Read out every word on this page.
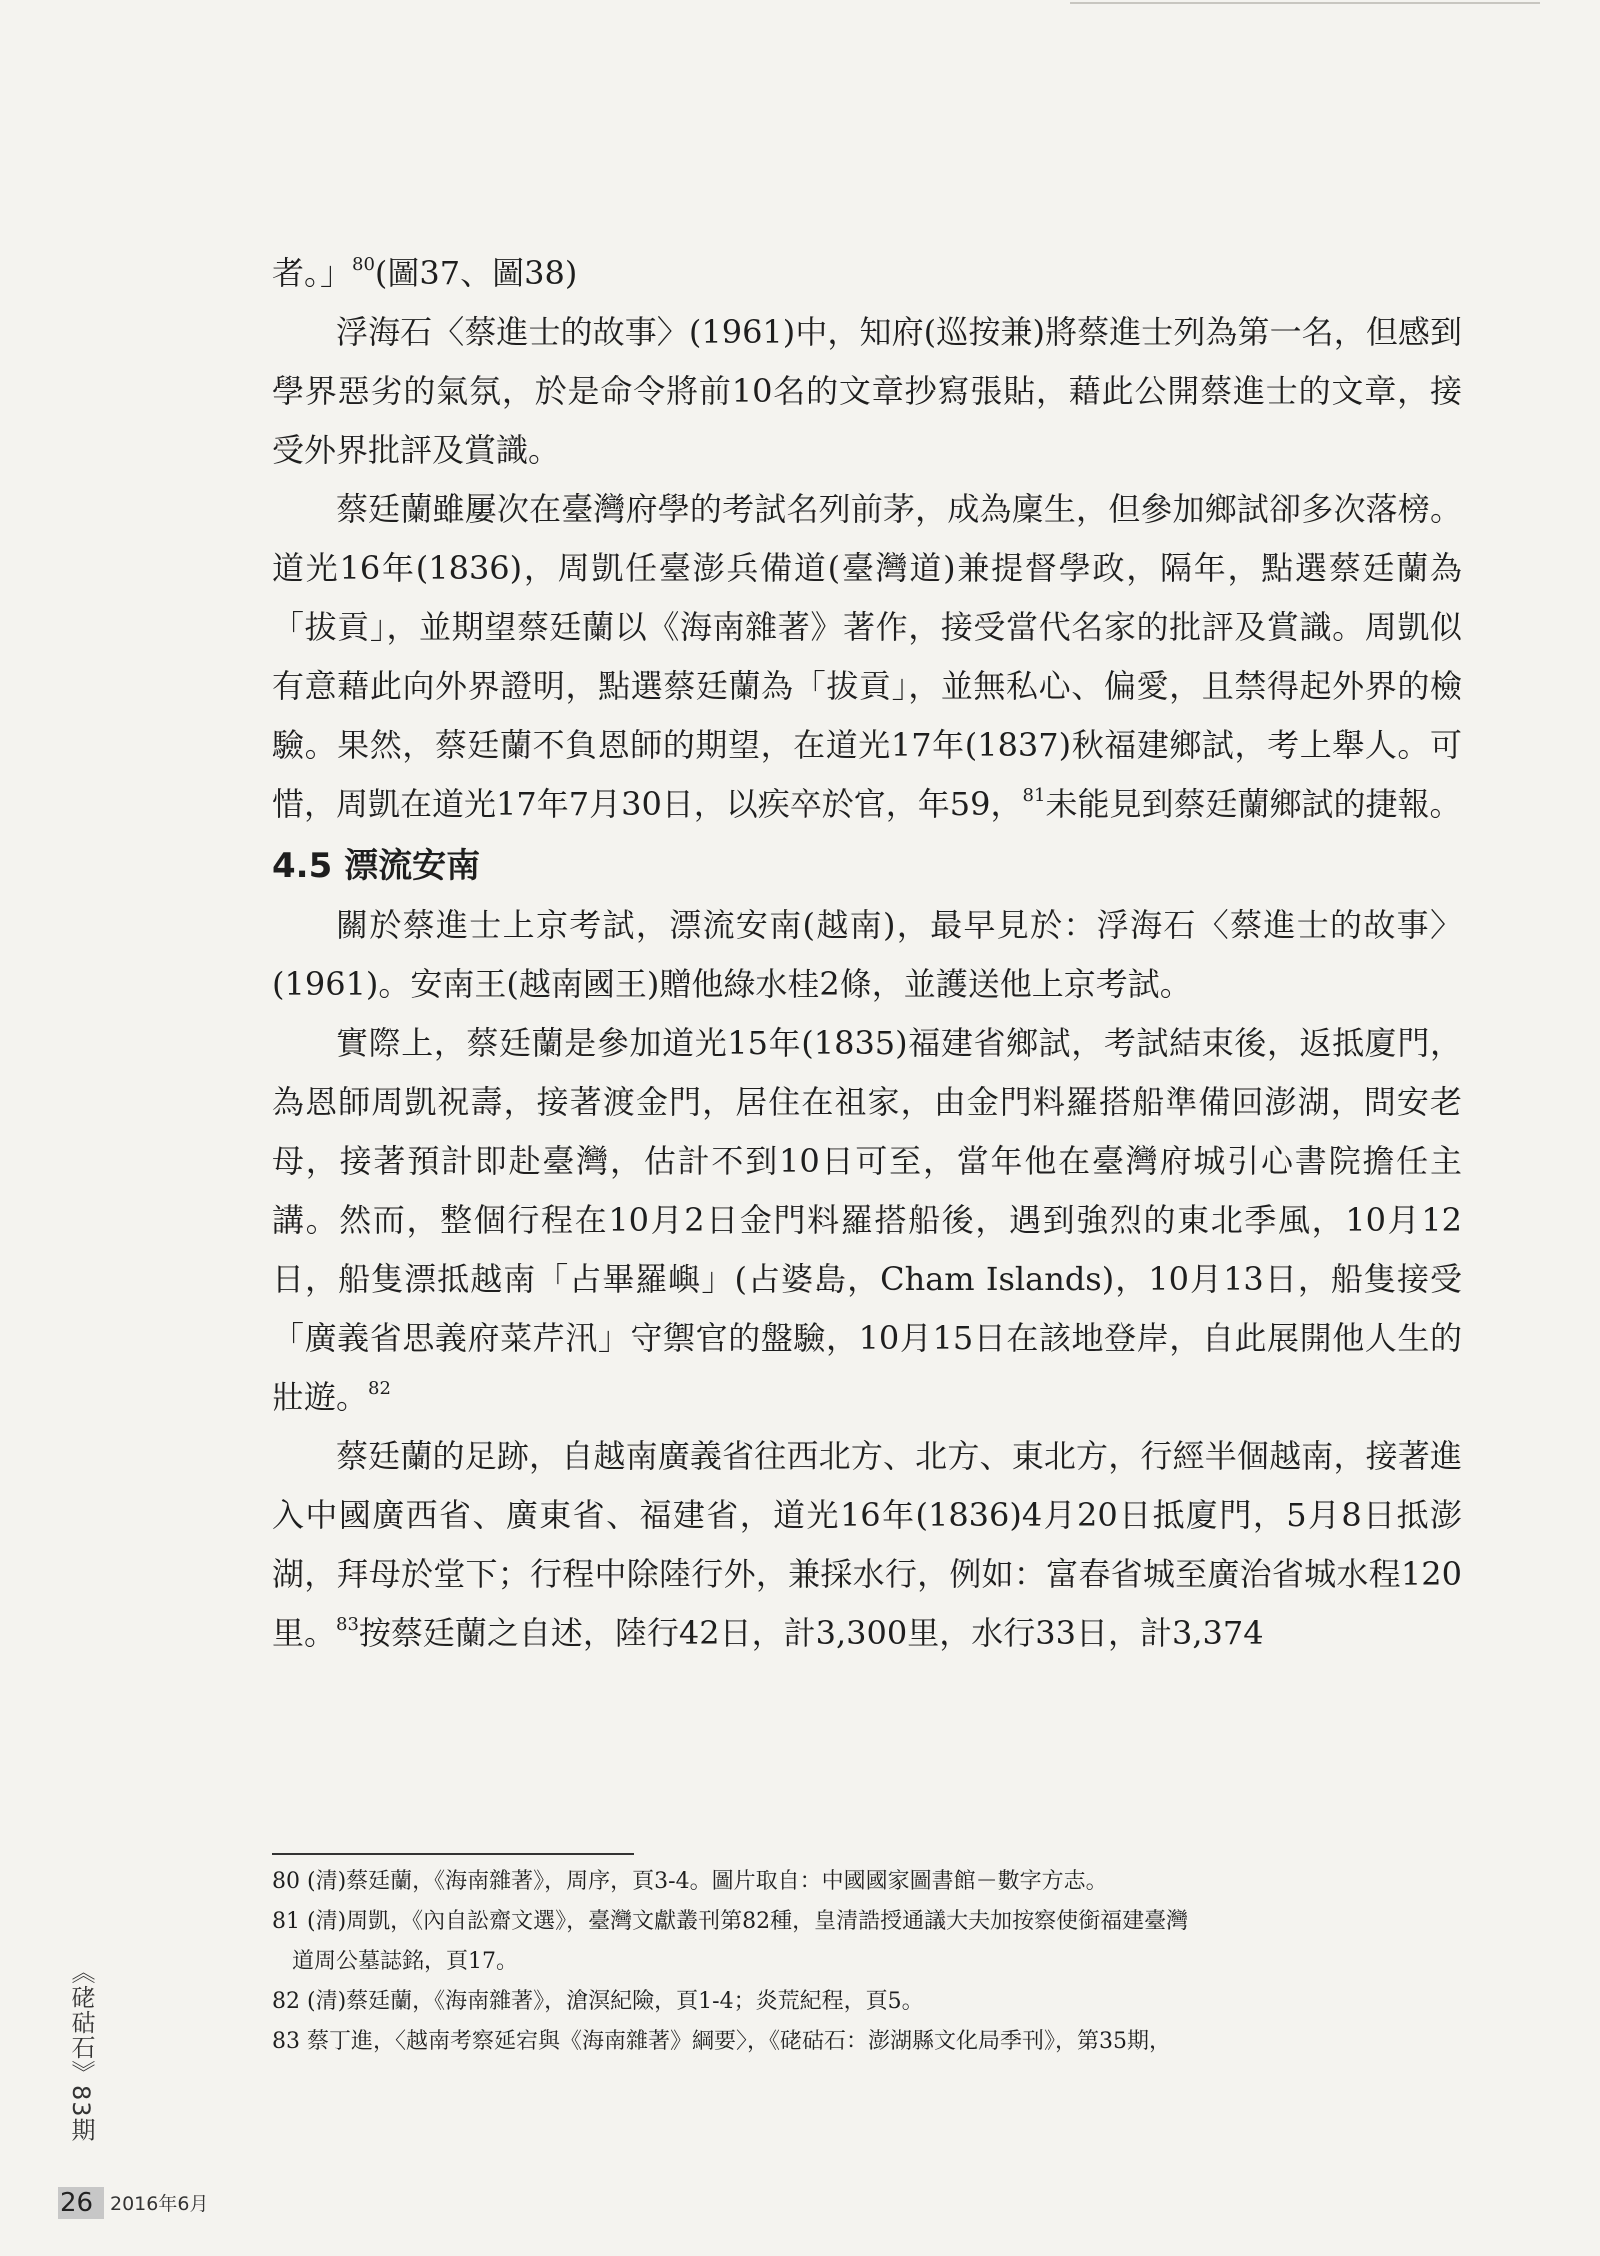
者。」$^{80}$(圖37、圖38)

浮海石〈蔡進士的故事〉(1961)中，知府(巡按兼)將蔡進士列為第一名，但感到學界惡劣的氣氛，於是命令將前10名的文章抄寫張貼，藉此公開蔡進士的文章，接受外界批評及賞識。

蔡廷蘭雖屢次在臺灣府學的考試名列前茅，成為廩生，但參加鄉試卻多次落榜。道光16年(1836)，周凱任臺澎兵備道(臺灣道)兼提督學政，隔年，點選蔡廷蘭為「拔貢」，並期望蔡廷蘭以《海南雜著》著作，接受當代名家的批評及賞識。周凱似有意藉此向外界證明，點選蔡廷蘭為「拔貢」，並無私心、偏愛，且禁得起外界的檢驗。果然，蔡廷蘭不負恩師的期望，在道光17年(1837)秋福建鄉試，考上舉人。可惜，周凱在道光17年7月30日，以疾卒於官，年59，$^{81}$未能見到蔡廷蘭鄉試的捷報。

4.5 漂流安南

關於蔡進士上京考試，漂流安南(越南)，最早見於：浮海石〈蔡進士的故事〉(1961)。安南王(越南國王)贈他綠水桂2條，並護送他上京考試。

實際上，蔡廷蘭是參加道光15年(1835)福建省鄉試，考試結束後，返抵廈門，為恩師周凱祝壽，接著渡金門，居住在祖家，由金門料羅搭船準備回澎湖，問安老母，接著預計即赴臺灣，估計不到10日可至，當年他在臺灣府城引心書院擔任主講。然而，整個行程在10月2日金門料羅搭船後，遇到強烈的東北季風，10月12日，船隻漂抵越南「占畢羅嶼」(占婆島，Cham Islands)，10月13日，船隻接受「廣義省思義府菜芹汛」守禦官的盤驗，10月15日在該地登岸，自此展開他人生的壯遊。$^{82}$

蔡廷蘭的足跡，自越南廣義省往西北方、北方、東北方，行經半個越南，接著進入中國廣西省、廣東省、福建省，道光16年(1836)4月20日抵廈門，5月8日抵澎湖，拜母於堂下；行程中除陸行外，兼採水行，例如：富春省城至廣治省城水程120里。$^{83}$按蔡廷蘭之自述，陸行42日，計3,300里，水行33日，計3,374

80 (清)蔡廷蘭，《海南雜著》，周序，頁3-4。圖片取自：中國國家圖書館－數字方志。

81 (清)周凱，《內自訟齋文選》，臺灣文獻叢刊第82種，皇清誥授通議大夫加按察使銜福建臺灣

道周公墓誌銘，頁17。

82 (清)蔡廷蘭，《海南雜著》，滄溟紀險，頁1-4；炎荒紀程，頁5。

83 蔡丁進，〈越南考察延宕與《海南雜著》綱要〉，《硓𥑮石：澎湖縣文化局季刊》，第35期，

《硓𥑮石》83期
26 2016年6月
